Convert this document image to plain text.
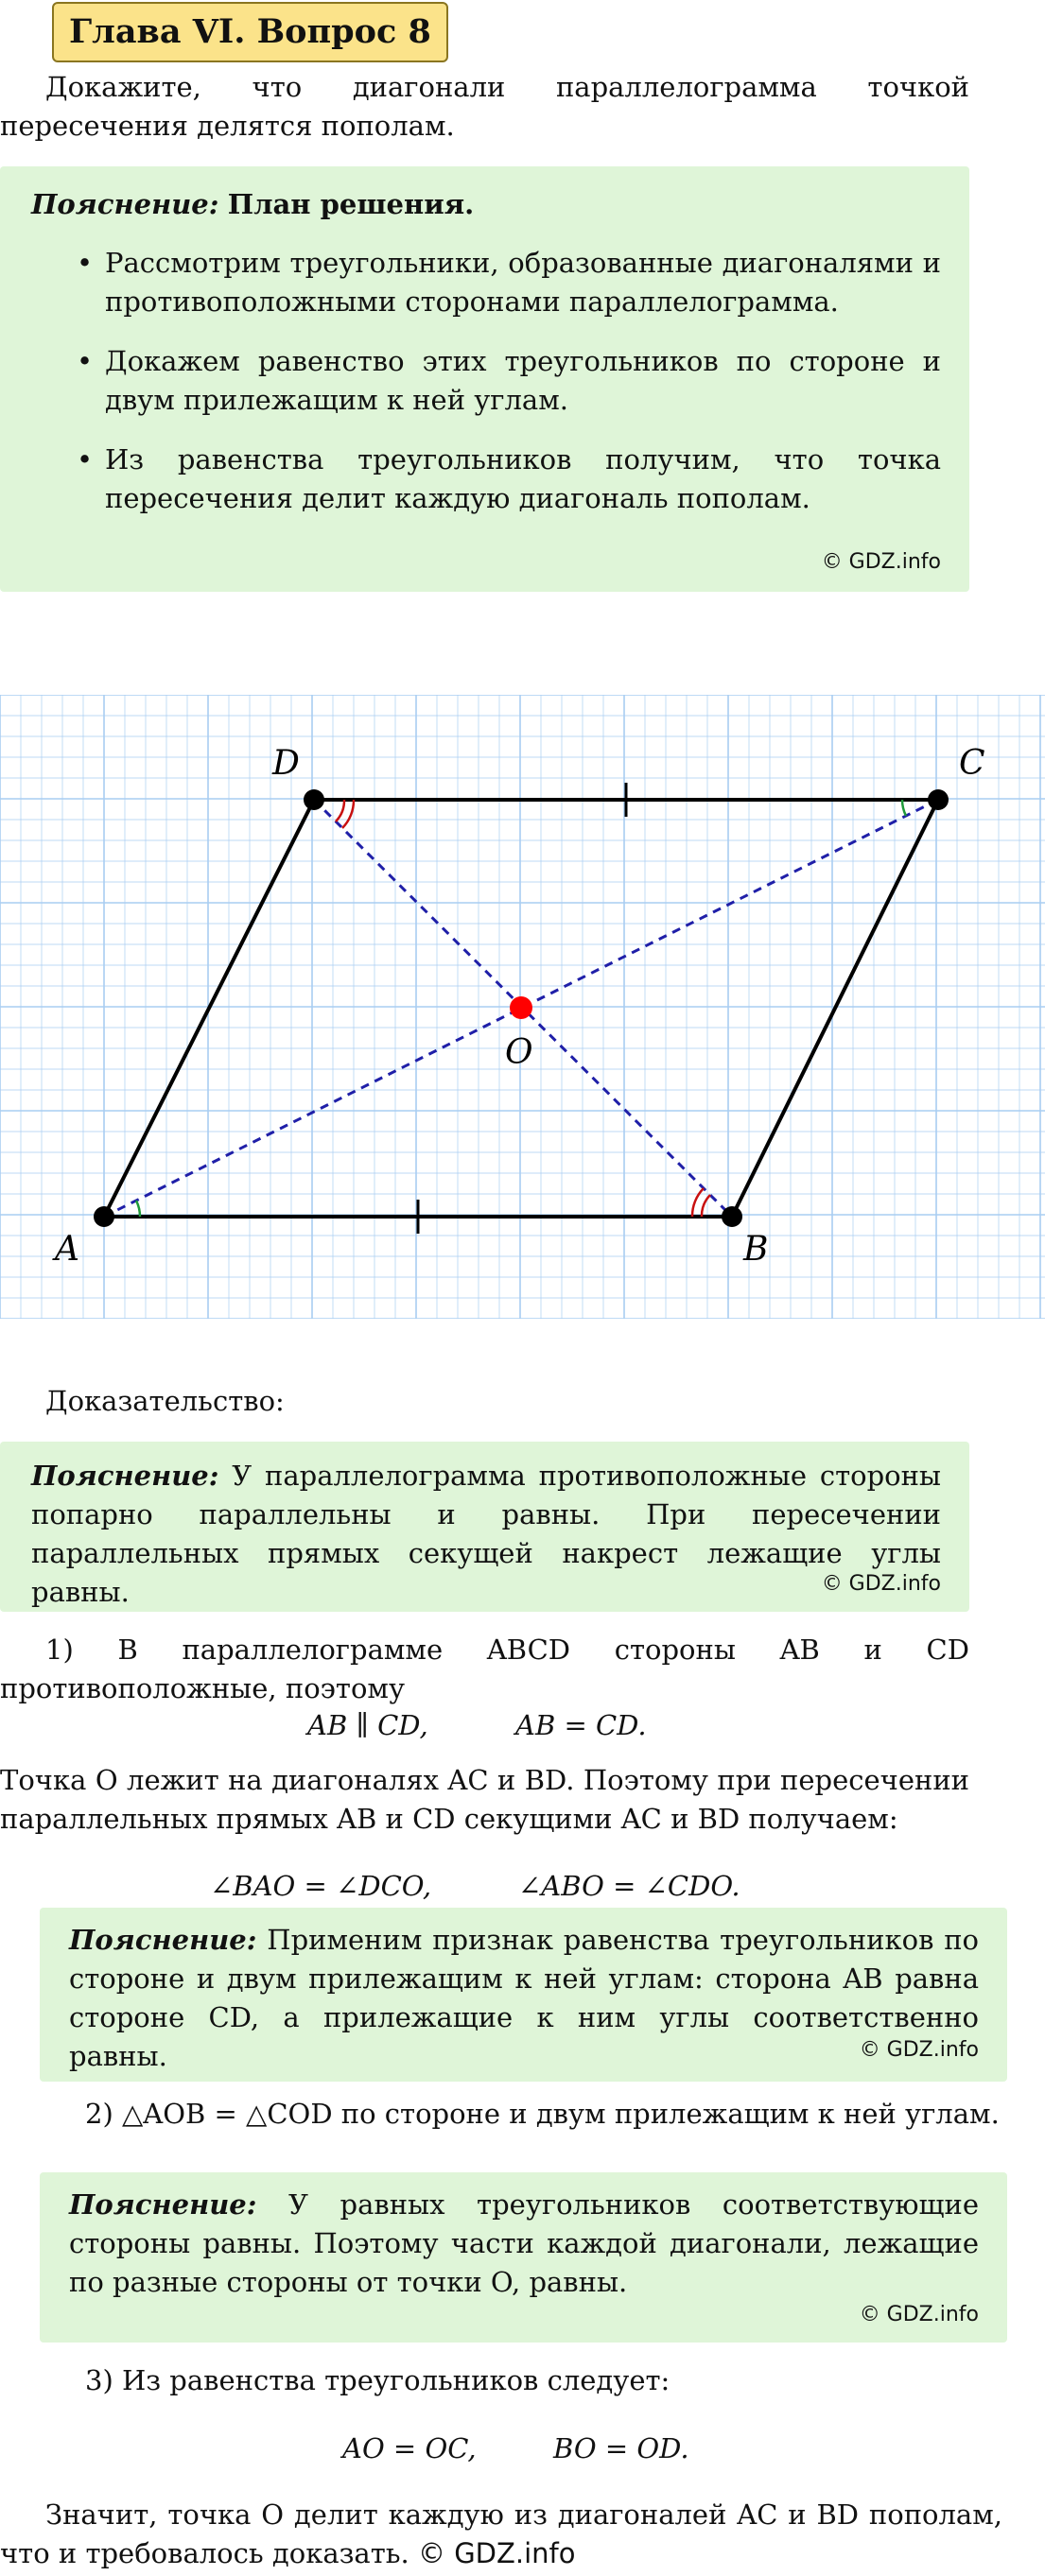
Глава VI. Вопрос 8
Докажите, что диагонали параллелограмма точкой пересечения делятся пополам.
Пояснение: План решения.
• Рассмотрим треугольники, образованные диагоналями и противоположными сторонами параллелограмма.
• Докажем равенство этих треугольников по стороне и двум прилежащим к ней углам.
• Из равенства треугольников получим, что точка пересечения делит каждую диагональ пополам.
© GDZ.info
A	B
C
D
O
Доказательство:
Пояснение: У параллелограмма противоположные стороны попарно параллельны и равны. При пересечении параллельных прямых секущей накрест лежащие углы равны.	© GDZ.info
1) В параллелограмме ABCD стороны AB и CD противоположные, поэтому
AB ∥ CD,	AB = CD.
Точка O лежит на диагоналях AC и BD. Поэтому при пересечении параллельных прямых AB и CD секущими AC и BD получаем:
∠BAO = ∠DCO,	∠ABO = ∠CDO.
Пояснение: Применим признак равенства треугольников по стороне и двум прилежащим к ней углам: сторона AB равна стороне CD, а прилежащие к ним углы соответственно равны.	© GDZ.info
2) △AOB = △COD по стороне и двум прилежащим к ней углам.
Пояснение: У равных треугольников соответствующие стороны равны. Поэтому части каждой диагонали, лежащие по разные стороны от точки O, равны.
© GDZ.info
3) Из равенства треугольников следует:
AO = OC,	BO = OD.
Значит, точка O делит каждую из диагоналей AC и BD пополам, что и требовалось доказать. © GDZ.info
